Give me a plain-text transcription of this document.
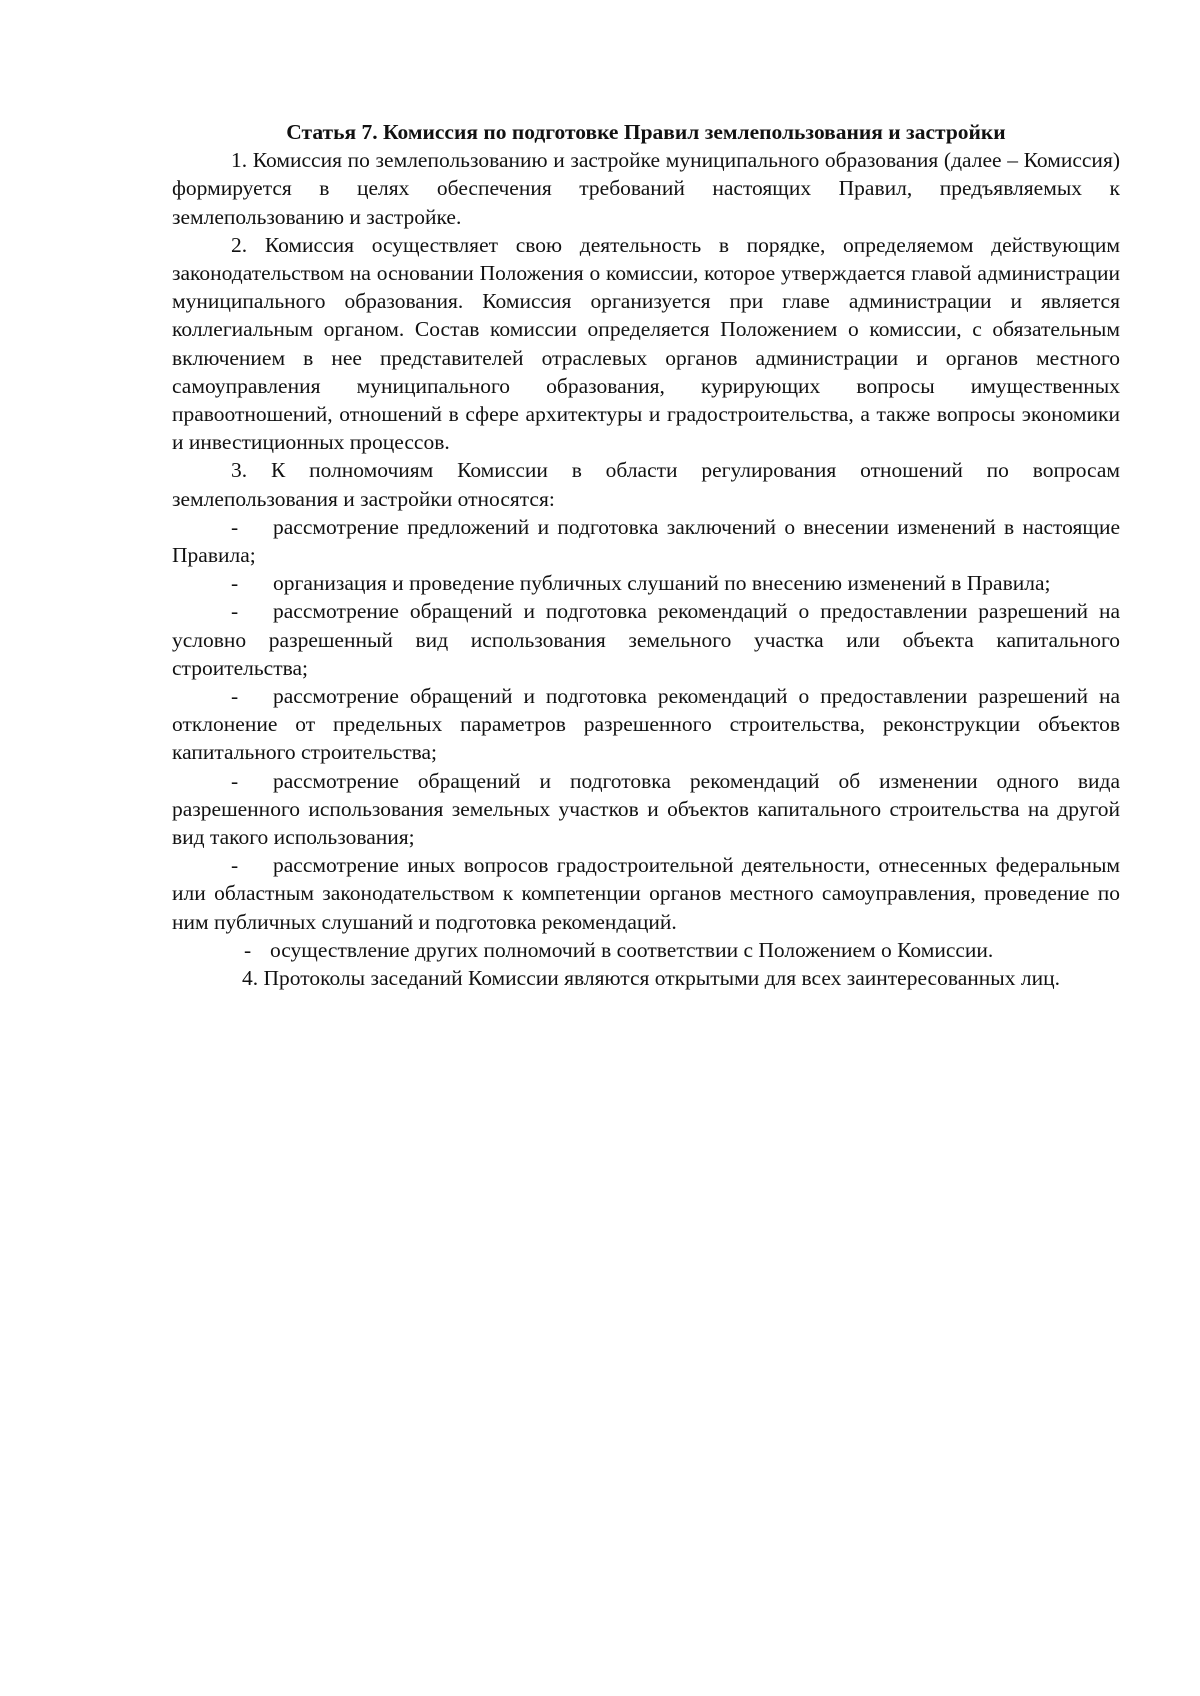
Статья 7. Комиссия по подготовке Правил землепользования и застройки

1. Комиссия по землепользованию и застройке муниципального образования (далее – Комиссия) формируется в целях обеспечения требований настоящих Правил, предъявляемых к землепользованию и застройке.

2. Комиссия осуществляет свою деятельность в порядке, определяемом действующим законодательством на основании Положения о комиссии, которое утверждается главой администрации муниципального образования. Комиссия организуется при главе администрации и является коллегиальным органом. Состав комиссии определяется Положением о комиссии, с обязательным включением в нее представителей отраслевых органов администрации и органов местного самоуправления муниципального образования, курирующих вопросы имущественных правоотношений, отношений в сфере архитектуры и градостроительства, а также вопросы экономики и инвестиционных процессов.

3. К полномочиям Комиссии в области регулирования отношений по вопросам землепользования и застройки относятся:

- рассмотрение предложений и подготовка заключений о внесении изменений в настоящие Правила;

- организация и проведение публичных слушаний по внесению изменений в Правила;

- рассмотрение обращений и подготовка рекомендаций о предоставлении разрешений на условно разрешенный вид использования земельного участка или объекта капитального строительства;

- рассмотрение обращений и подготовка рекомендаций о предоставлении разрешений на отклонение от предельных параметров разрешенного строительства, реконструкции объектов капитального строительства;

- рассмотрение обращений и подготовка рекомендаций об изменении одного вида разрешенного использования земельных участков и объектов капитального строительства на другой вид такого использования;

- рассмотрение иных вопросов градостроительной деятельности, отнесенных федеральным или областным законодательством к компетенции органов местного самоуправления, проведение по ним публичных слушаний и подготовка рекомендаций.

- осуществление других полномочий в соответствии с Положением о Комиссии.

4. Протоколы заседаний Комиссии являются открытыми для всех заинтересованных лиц.
